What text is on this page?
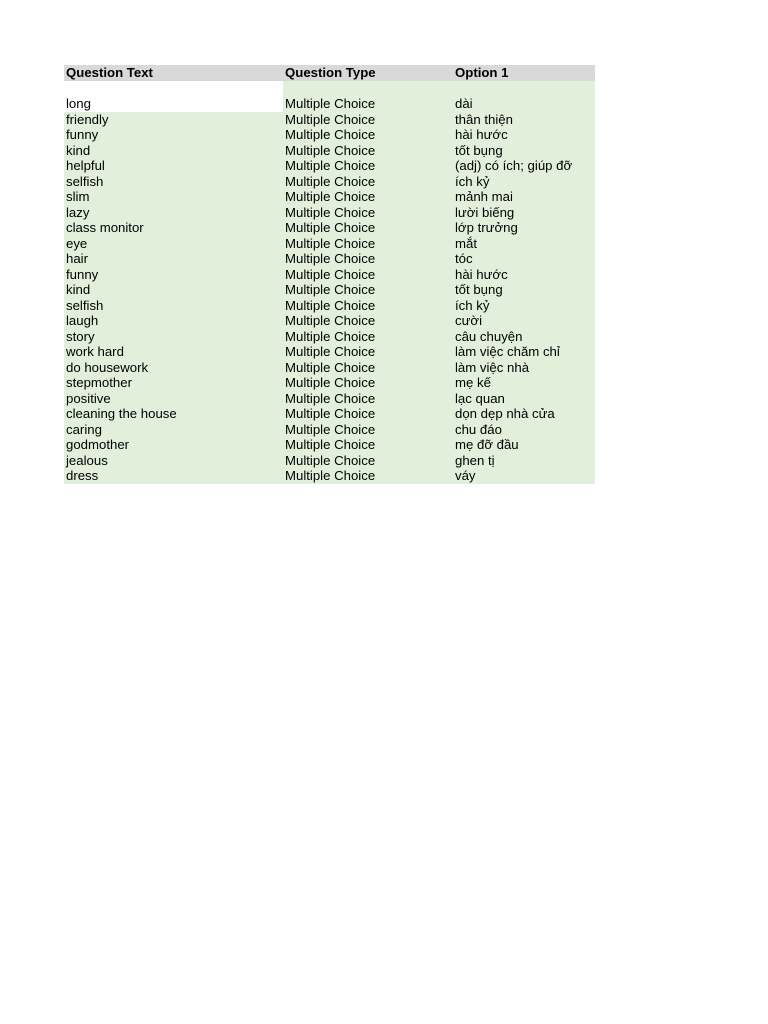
Question Text	Question Type	Option 1
long	Multiple Choice	dài
friendly	Multiple Choice	thân thiện
funny	Multiple Choice	hài hước
kind	Multiple Choice	tốt bụng
helpful	Multiple Choice	(adj) có ích; giúp đỡ
selfish	Multiple Choice	ích kỷ
slim	Multiple Choice	mảnh mai
lazy	Multiple Choice	lười biếng
class monitor	Multiple Choice	lớp trưởng
eye	Multiple Choice	mắt
hair	Multiple Choice	tóc
funny	Multiple Choice	hài hước
kind	Multiple Choice	tốt bụng
selfish	Multiple Choice	ích kỷ
laugh	Multiple Choice	cười
story	Multiple Choice	câu chuyện
work hard	Multiple Choice	làm việc chăm chỉ
do housework	Multiple Choice	làm việc nhà
stepmother	Multiple Choice	mẹ kế
positive	Multiple Choice	lạc quan
cleaning the house	Multiple Choice	dọn dẹp nhà cửa
caring	Multiple Choice	chu đáo
godmother	Multiple Choice	mẹ đỡ đầu
jealous	Multiple Choice	ghen tị
dress	Multiple Choice	váy
